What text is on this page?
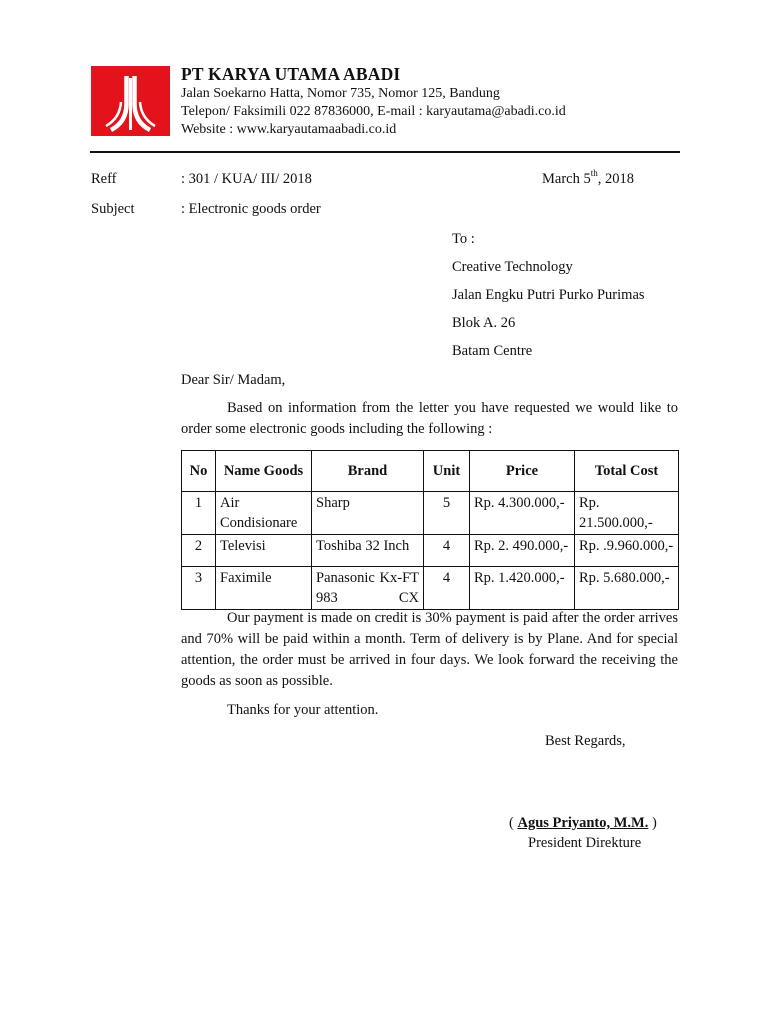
PT KARYA UTAMA ABADI
Jalan Soekarno Hatta, Nomor 735, Nomor 125, Bandung
Telepon/ Faksimili 022 87836000, E-mail : karyautama@abadi.co.id
Website : www.karyautamaabadi.co.id
Reff	: 301 / KUA/ III/ 2018	March 5th, 2018
Subject	: Electronic goods order
To :
Creative Technology
Jalan Engku Putri Purko Purimas
Blok A. 26
Batam Centre
Dear Sir/ Madam,
Based on information from the letter you have requested we would like to order some electronic goods including the following :
No	Name Goods	Brand	Unit	Price	Total Cost
1	Air Condisionare	Sharp	5	Rp. 4.300.000,-	Rp. 21.500.000,-
2	Televisi	Toshiba 32 Inch	4	Rp. 2. 490.000,-	Rp. .9.960.000,-
3	Faximile	Panasonic Kx-FT 983 CX	4	Rp. 1.420.000,-	Rp. 5.680.000,-
Our payment is made on credit is 30% payment is paid after the order arrives and 70% will be paid within a month. Term of delivery is by Plane. And for special attention, the order must be arrived in four days. We look forward the receiving the goods as soon as possible.
Thanks for your attention.
Best Regards,
( Agus Priyanto, M.M. )
President Direkture
